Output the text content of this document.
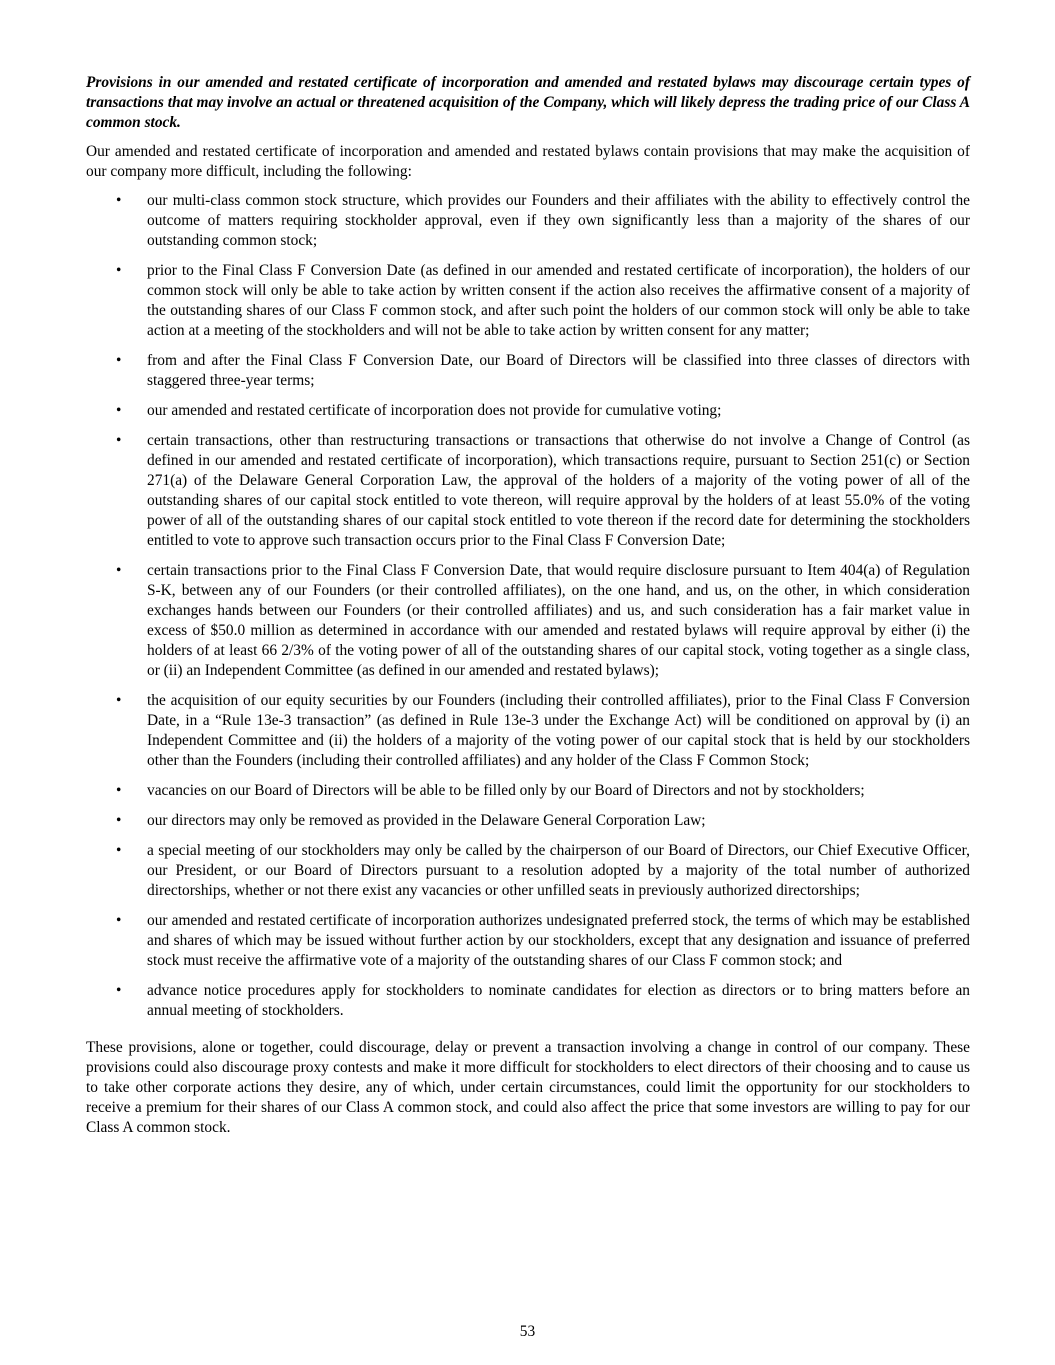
Provisions in our amended and restated certificate of incorporation and amended and restated bylaws may discourage certain types of transactions that may involve an actual or threatened acquisition of the Company, which will likely depress the trading price of our Class A common stock.

Our amended and restated certificate of incorporation and amended and restated bylaws contain provisions that may make the acquisition of our company more difficult, including the following:

• our multi-class common stock structure, which provides our Founders and their affiliates with the ability to effectively control the outcome of matters requiring stockholder approval, even if they own significantly less than a majority of the shares of our outstanding common stock;
• prior to the Final Class F Conversion Date (as defined in our amended and restated certificate of incorporation), the holders of our common stock will only be able to take action by written consent if the action also receives the affirmative consent of a majority of the outstanding shares of our Class F common stock, and after such point the holders of our common stock will only be able to take action at a meeting of the stockholders and will not be able to take action by written consent for any matter;
• from and after the Final Class F Conversion Date, our Board of Directors will be classified into three classes of directors with staggered three-year terms;
• our amended and restated certificate of incorporation does not provide for cumulative voting;
• certain transactions, other than restructuring transactions or transactions that otherwise do not involve a Change of Control (as defined in our amended and restated certificate of incorporation), which transactions require, pursuant to Section 251(c) or Section 271(a) of the Delaware General Corporation Law, the approval of the holders of a majority of the voting power of all of the outstanding shares of our capital stock entitled to vote thereon, will require approval by the holders of at least 55.0% of the voting power of all of the outstanding shares of our capital stock entitled to vote thereon if the record date for determining the stockholders entitled to vote to approve such transaction occurs prior to the Final Class F Conversion Date;
• certain transactions prior to the Final Class F Conversion Date, that would require disclosure pursuant to Item 404(a) of Regulation S-K, between any of our Founders (or their controlled affiliates), on the one hand, and us, on the other, in which consideration exchanges hands between our Founders (or their controlled affiliates) and us, and such consideration has a fair market value in excess of $50.0 million as determined in accordance with our amended and restated bylaws will require approval by either (i) the holders of at least 66 2/3% of the voting power of all of the outstanding shares of our capital stock, voting together as a single class, or (ii) an Independent Committee (as defined in our amended and restated bylaws);
• the acquisition of our equity securities by our Founders (including their controlled affiliates), prior to the Final Class F Conversion Date, in a “Rule 13e-3 transaction” (as defined in Rule 13e-3 under the Exchange Act) will be conditioned on approval by (i) an Independent Committee and (ii) the holders of a majority of the voting power of our capital stock that is held by our stockholders other than the Founders (including their controlled affiliates) and any holder of the Class F Common Stock;
• vacancies on our Board of Directors will be able to be filled only by our Board of Directors and not by stockholders;
• our directors may only be removed as provided in the Delaware General Corporation Law;
• a special meeting of our stockholders may only be called by the chairperson of our Board of Directors, our Chief Executive Officer, our President, or our Board of Directors pursuant to a resolution adopted by a majority of the total number of authorized directorships, whether or not there exist any vacancies or other unfilled seats in previously authorized directorships;
• our amended and restated certificate of incorporation authorizes undesignated preferred stock, the terms of which may be established and shares of which may be issued without further action by our stockholders, except that any designation and issuance of preferred stock must receive the affirmative vote of a majority of the outstanding shares of our Class F common stock; and
• advance notice procedures apply for stockholders to nominate candidates for election as directors or to bring matters before an annual meeting of stockholders.

These provisions, alone or together, could discourage, delay or prevent a transaction involving a change in control of our company. These provisions could also discourage proxy contests and make it more difficult for stockholders to elect directors of their choosing and to cause us to take other corporate actions they desire, any of which, under certain circumstances, could limit the opportunity for our stockholders to receive a premium for their shares of our Class A common stock, and could also affect the price that some investors are willing to pay for our Class A common stock.

53
